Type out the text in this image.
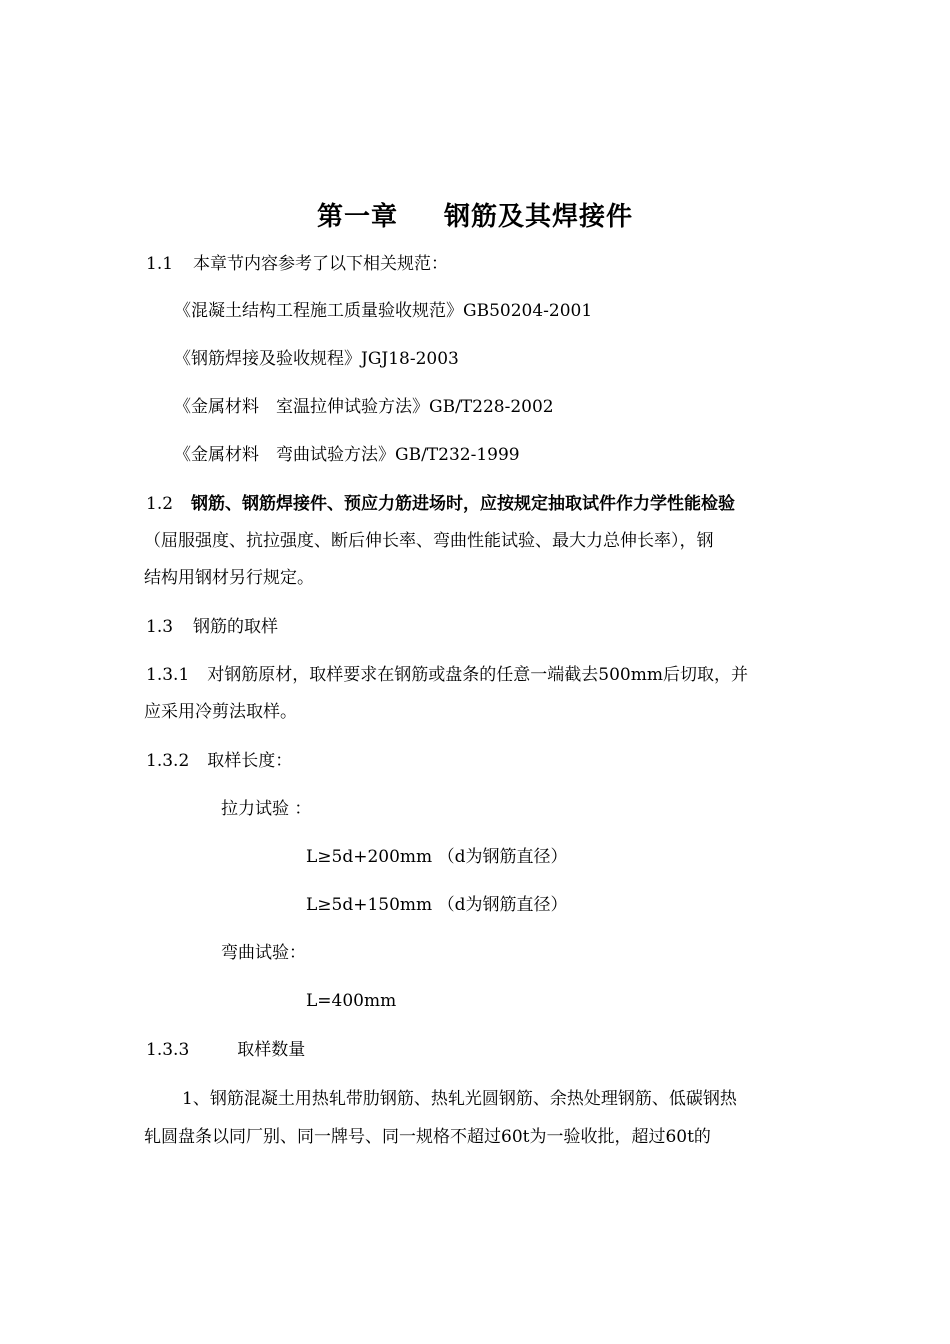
第一章 钢筋及其焊接件
1.1 本章节内容参考了以下相关规范：
《混凝土结构工程施工质量验收规范》GB50204-2001
《钢筋焊接及验收规程》JGJ18-2003
《金属材料　室温拉伸试验方法》GB/T228-2002
《金属材料　弯曲试验方法》GB/T232-1999
1.2 钢筋、钢筋焊接件、预应力筋进场时，应按规定抽取试件作力学性能检验
（屈服强度、抗拉强度、断后伸长率、弯曲性能试验、最大力总伸长率），钢
结构用钢材另行规定。
1.3 钢筋的取样
1.3.1 对钢筋原材，取样要求在钢筋或盘条的任意一端截去500mm后切取，并
应采用冷剪法取样。
1.3.2 取样长度：
拉力试验 ：
L≥5d+200mm （d为钢筋直径）
L≥5d+150mm （d为钢筋直径）
弯曲试验：
L=400mm
1.3.3	取样数量
1、钢筋混凝土用热轧带肋钢筋、热轧光圆钢筋、余热处理钢筋、低碳钢热
轧圆盘条以同厂别、同一牌号、同一规格不超过60t为一验收批，超过60t的
